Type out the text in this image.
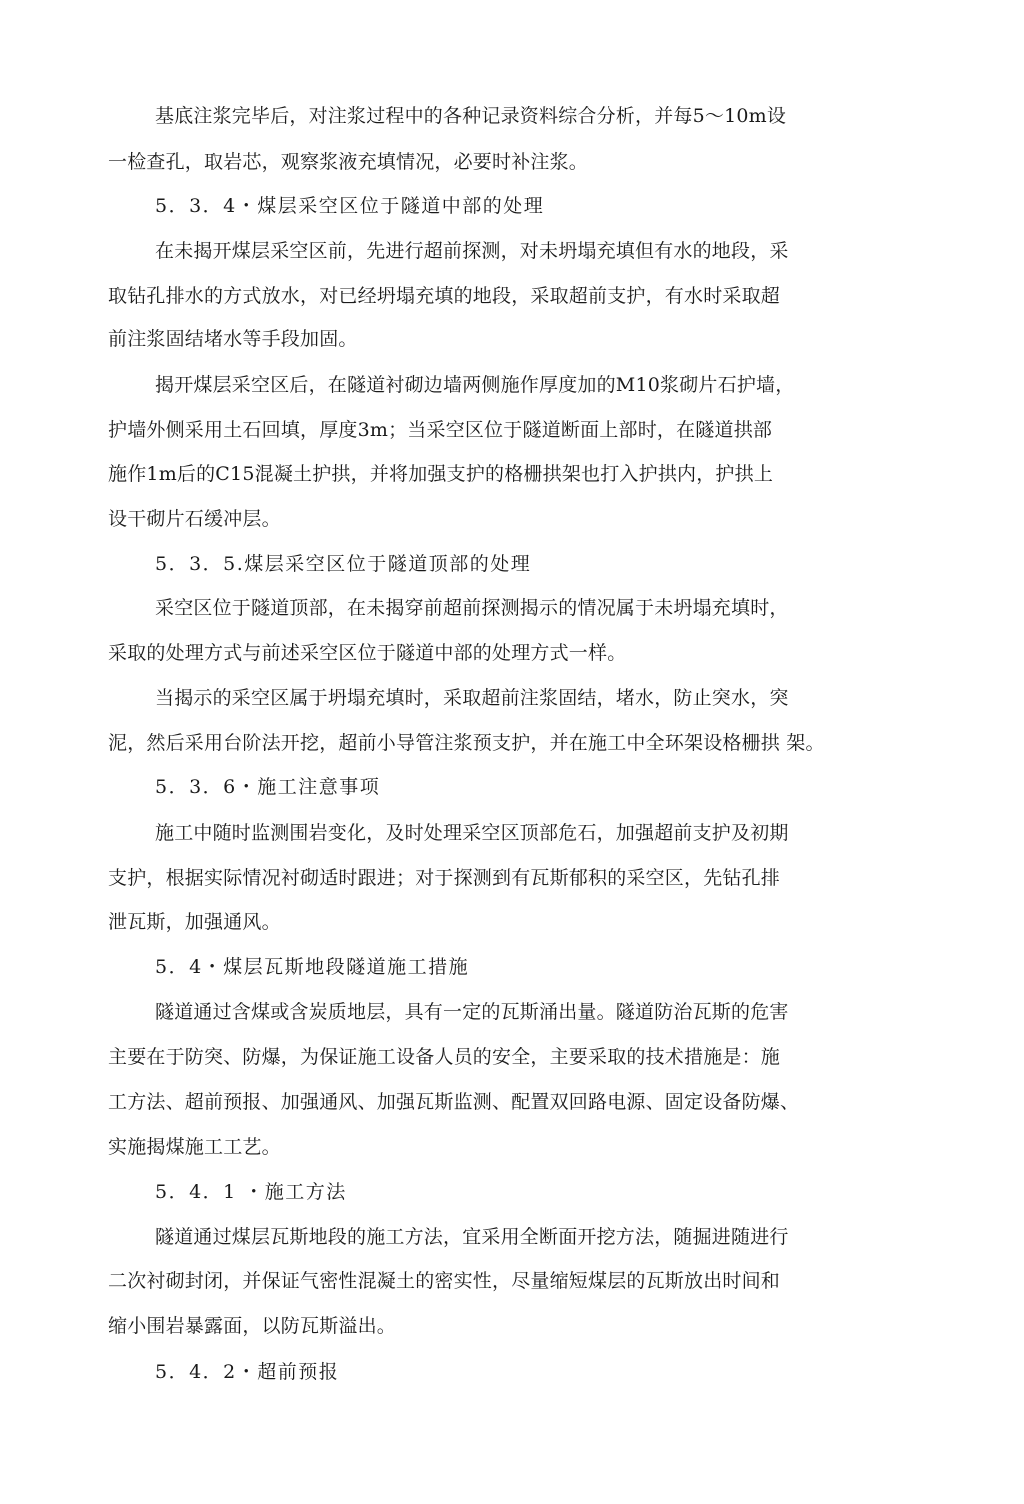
基底注浆完毕后，对注浆过程中的各种记录资料综合分析，并每5～10m设
一检查孔，取岩芯，观察浆液充填情况，必要时补注浆。
5．3．4・煤层采空区位于隧道中部的处理
在未揭开煤层采空区前，先进行超前探测，对未坍塌充填但有水的地段，采
取钻孔排水的方式放水，对已经坍塌充填的地段，采取超前支护，有水时采取超
前注浆固结堵水等手段加固。
揭开煤层采空区后，在隧道衬砌边墙两侧施作厚度加的M10浆砌片石护墙，
护墙外侧采用土石回填，厚度3m；当采空区位于隧道断面上部时，在隧道拱部
施作1m后的C15混凝土护拱，并将加强支护的格栅拱架也打入护拱内，护拱上
设干砌片石缓冲层。
5．3．5.煤层采空区位于隧道顶部的处理
采空区位于隧道顶部，在未揭穿前超前探测揭示的情况属于未坍塌充填时，
采取的处理方式与前述采空区位于隧道中部的处理方式一样。
当揭示的采空区属于坍塌充填时，采取超前注浆固结，堵水，防止突水，突
泥，然后采用台阶法开挖，超前小导管注浆预支护，并在施工中全环架设格栅拱 架。
5．3．6・施工注意事项
施工中随时监测围岩变化，及时处理采空区顶部危石，加强超前支护及初期
支护，根据实际情况衬砌适时跟进；对于探测到有瓦斯郁积的采空区，先钻孔排
泄瓦斯，加强通风。
5．4・煤层瓦斯地段隧道施工措施
隧道通过含煤或含炭质地层，具有一定的瓦斯涌出量。隧道防治瓦斯的危害
主要在于防突、防爆，为保证施工设备人员的安全，主要采取的技术措施是：施
工方法、超前预报、加强通风、加强瓦斯监测、配置双回路电源、固定设备防爆、
实施揭煤施工工艺。
5．4．1 ・施工方法
隧道通过煤层瓦斯地段的施工方法，宜采用全断面开挖方法，随掘进随进行
二次衬砌封闭，并保证气密性混凝土的密实性，尽量缩短煤层的瓦斯放出时间和
缩小围岩暴露面，以防瓦斯溢出。
5．4．2・超前预报
